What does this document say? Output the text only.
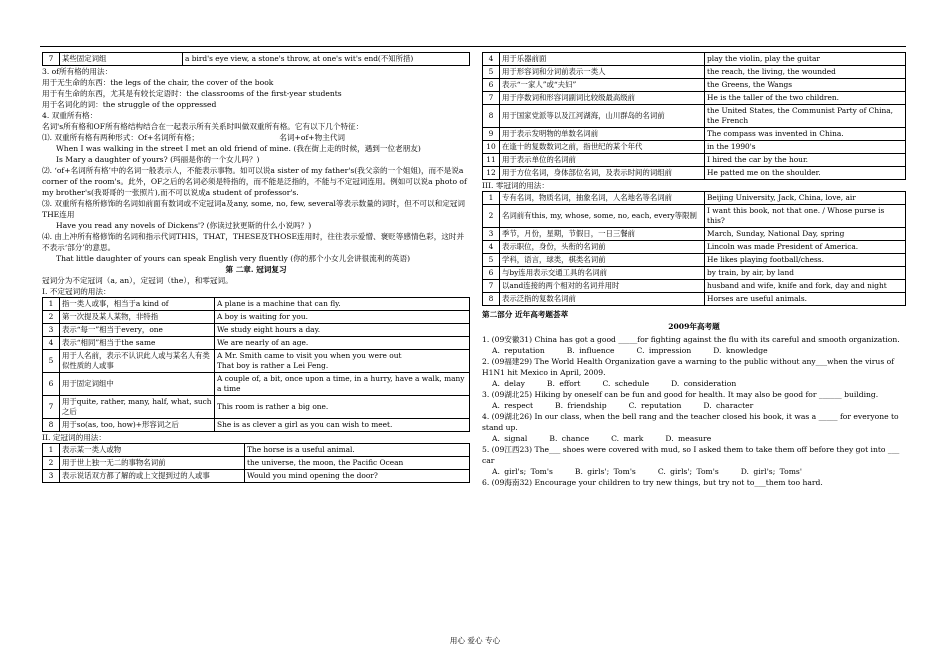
7	某些固定词组	a bird's eye view, a stone's throw, at one's wit's end(不知所措)

3. of所有格的用法：

用于无生命的东西：the legs of the chair, the cover of the book

用于有生命的东西，尤其是有较长定语时：the classrooms of the first-year students

用于名词化的词：the struggle of the oppressed

4. 双重所有格：

名词's所有格和OF所有格结构结合在一起表示所有关系时叫做双重所有格。它有以下几个特征：

⑴. 双重所有格有两种形式：Of+名词所有格；	名词+of+物主代词

When I was walking in the street I met an old friend of mine. (我在街上走的时候，遇到一位老朋友)

Is Mary a daughter of yours? (玛丽是你的一个女儿吗？)

⑵. ‘of+名词所有格’中的名词一般表示人，不能表示事物。如可以说a sister of my father's(我父亲的一个姐姐)，而不是说a corner of the room's。此外，OF之后的名词必须是特指的，而不能是泛指的，不能与不定冠词连用。例如可以说a photo of my brother's(我哥哥的一张照片),而不可以说成a student of professor's.

⑶. 双重所有格所修饰的名词如前面有数词或不定冠词a及any, some, no, few, several等表示数量的词时，但不可以和定冠词THE连用

Have you read any novels of Dickens'? (你读过狄更斯的什么小说吗？)

⑷. 由上冲所有格修饰的名词和指示代词THIS，THAT，THESE及THOSE连用时，往往表示爱憎、褒贬等感情色彩，这时并不表示‘部分’的意思。

That little daughter of yours can speak English very fluently (你的那个小女儿会讲很流利的英语)

第 二章. 冠词复习

冠词分为不定冠词（a, an），定冠词（the），和零冠词。

I. 不定冠词的用法：

1	指一类人或事，相当于a kind of	A plane is a machine that can fly.
2	第一次提及某人某物，非特指	A boy is waiting for you.
3	表示“每一”相当于every，one	We study eight hours a day.
4	表示“相同”相当于the same	We are nearly of an age.
5	用于人名前，表示不认识此人或与某名人有类似性质的人或事	A Mr. Smith came to visit you when you were out
That boy is rather a Lei Feng.
6	用于固定词组中	A couple of, a bit, once upon a time, in a hurry, have a walk, many a time
7	用于quite, rather, many, half, what, such之后	This room is rather a big one.
8	用于so(as, too, how)+形容词之后	She is as clever a girl as you can wish to meet.

II. 定冠词的用法：

1	表示某一类人或物	The horse is a useful animal.
2	用于世上独一无二的事物名词前	the universe, the moon, the Pacific Ocean
3	表示说话双方都了解的或上文提到过的人或事	Would you mind opening the door?
4	用于乐器前面	play the violin, play the guitar
5	用于形容词和分词前表示一类人	the reach, the living, the wounded
6	表示“一家人”或“夫妇”	the Greens, the Wangs
7	用于序数词和形容词副词比较级最高级前	He is the taller of the two children.
8	用于国家党派等以及江河湖海，山川群岛的名词前	the United States, the Communist Party of China, the French
9	用于表示发明物的单数名词前	The compass was invented in China.
10	在逢十的复数数词之前，指世纪的某个年代	in the 1990's
11	用于表示单位的名词前	I hired the car by the hour.
12	用于方位名词，身体部位名词，及表示时间的词组前	He patted me on the shoulder.

III. 零冠词的用法：

1	专有名词，物质名词，抽象名词，人名地名等名词前	Beijing University, Jack, China, love, air
2	名词前有this, my, whose, some, no, each, every等限制	I want this book, not that one. / Whose purse is this?
3	季节，月份，星期，节假日，一日三餐前	March, Sunday, National Day, spring
4	表示职位，身份，头衔的名词前	Lincoln was made President of America.
5	学科，语言，球类，棋类名词前	He likes playing football/chess.
6	与by连用表示交通工具的名词前	by train, by air, by land
7	以and连接的两个相对的名词并用时	husband and wife, knife and fork, day and night
8	表示泛指的复数名词前	Horses are useful animals.

第二部分 近年高考题荟萃

2009年高考题

1. (09安徽31) China has got a good _____for fighting against the flu with its careful and smooth organization.

A. reputation	B. influence	C. impression	D. knowledge

2. (09福建29) The World Health Organization gave a warning to the public without any___when the virus of H1N1 hit Mexico in April, 2009.

A. delay	B. effort	C. schedule	D. consideration

3. (09湖北25) Hiking by oneself can be fun and good for health. It may also be good for ______ building.

A. respect	B. friendship	C. reputation	D. character

4. (09湖北26) In our class, when the bell rang and the teacher closed his book, it was a _____ for everyone to stand up.

A. signal	B. chance	C. mark	D. measure

5. (09江西23) The___ shoes were covered with mud, so I asked them to take them off before they got into ___ car

A. girl's; Tom's	B. girls'; Tom's	C. girls'; Tom's	D. girl's; Toms'

6. (09海南32) Encourage your children to try new things, but try not to___them too hard.

用心 爱心 专心
